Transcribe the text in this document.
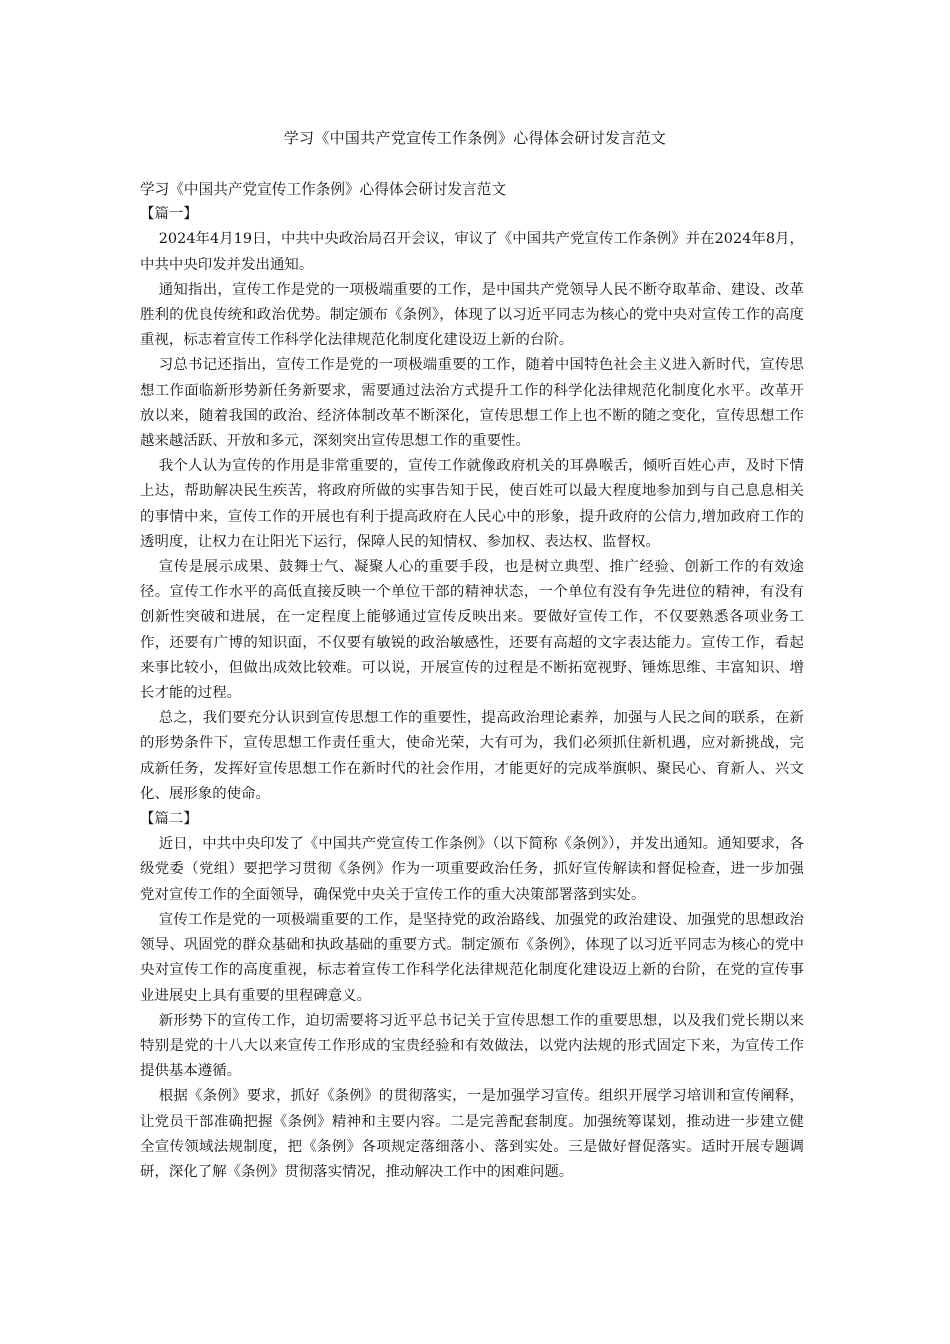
学习《中国共产党宣传工作条例》心得体会研讨发言范文

学习《中国共产党宣传工作条例》心得体会研讨发言范文

【篇一】

2024年4月19日，中共中央政治局召开会议，审议了《中国共产党宣传工作条例》并在2024年8月，中共中央印发并发出通知。

通知指出，宣传工作是党的一项极端重要的工作，是中国共产党领导人民不断夺取革命、建设、改革胜利的优良传统和政治优势。制定颁布《条例》，体现了以习近平同志为核心的党中央对宣传工作的高度重视，标志着宣传工作科学化法律规范化制度化建设迈上新的台阶。

习总书记还指出，宣传工作是党的一项极端重要的工作，随着中国特色社会主义进入新时代，宣传思想工作面临新形势新任务新要求，需要通过法治方式提升工作的科学化法律规范化制度化水平。改革开放以来，随着我国的政治、经济体制改革不断深化，宣传思想工作上也不断的随之变化，宣传思想工作越来越活跃、开放和多元，深刻突出宣传思想工作的重要性。

我个人认为宣传的作用是非常重要的，宣传工作就像政府机关的耳鼻喉舌，倾听百姓心声，及时下情上达，帮助解决民生疾苦，将政府所做的实事告知于民，使百姓可以最大程度地参加到与自己息息相关的事情中来，宣传工作的开展也有利于提高政府在人民心中的形象，提升政府的公信力,增加政府工作的透明度，让权力在让阳光下运行，保障人民的知情权、参加权、表达权、监督权。

宣传是展示成果、鼓舞士气、凝聚人心的重要手段，也是树立典型、推广经验、创新工作的有效途径。宣传工作水平的高低直接反映一个单位干部的精神状态，一个单位有没有争先进位的精神，有没有创新性突破和进展，在一定程度上能够通过宣传反映出来。要做好宣传工作，不仅要熟悉各项业务工作，还要有广博的知识面，不仅要有敏锐的政治敏感性，还要有高超的文字表达能力。宣传工作，看起来事比较小，但做出成效比较难。可以说，开展宣传的过程是不断拓宽视野、锤炼思维、丰富知识、增长才能的过程。

总之，我们要充分认识到宣传思想工作的重要性，提高政治理论素养，加强与人民之间的联系，在新的形势条件下，宣传思想工作责任重大，使命光荣，大有可为，我们必须抓住新机遇，应对新挑战，完成新任务，发挥好宣传思想工作在新时代的社会作用，才能更好的完成举旗帜、聚民心、育新人、兴文化、展形象的使命。

【篇二】

近日，中共中央印发了《中国共产党宣传工作条例》（以下简称《条例》），并发出通知。通知要求，各级党委（党组）要把学习贯彻《条例》作为一项重要政治任务，抓好宣传解读和督促检查，进一步加强党对宣传工作的全面领导，确保党中央关于宣传工作的重大决策部署落到实处。

宣传工作是党的一项极端重要的工作，是坚持党的政治路线、加强党的政治建设、加强党的思想政治领导、巩固党的群众基础和执政基础的重要方式。制定颁布《条例》，体现了以习近平同志为核心的党中央对宣传工作的高度重视，标志着宣传工作科学化法律规范化制度化建设迈上新的台阶，在党的宣传事业进展史上具有重要的里程碑意义。

新形势下的宣传工作，迫切需要将习近平总书记关于宣传思想工作的重要思想，以及我们党长期以来特别是党的十八大以来宣传工作形成的宝贵经验和有效做法，以党内法规的形式固定下来，为宣传工作提供基本遵循。

根据《条例》要求，抓好《条例》的贯彻落实，一是加强学习宣传。组织开展学习培训和宣传阐释，让党员干部准确把握《条例》精神和主要内容。二是完善配套制度。加强统筹谋划，推动进一步建立健全宣传领域法规制度，把《条例》各项规定落细落小、落到实处。三是做好督促落实。适时开展专题调研，深化了解《条例》贯彻落实情况，推动解决工作中的困难问题。
